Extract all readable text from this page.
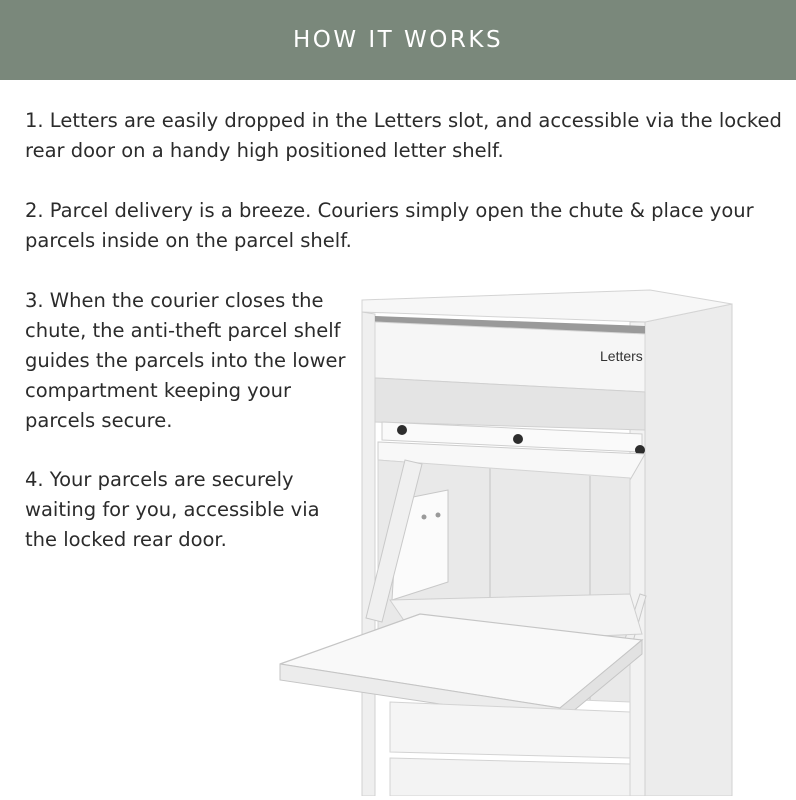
HOW IT WORKS

1. Letters are easily dropped in the Letters slot, and accessible via the locked rear door on a handy high positioned letter shelf.

2. Parcel delivery is a breeze. Couriers simply open the chute & place your parcels inside on the parcel shelf.

3. When the courier closes the chute, the anti-theft parcel shelf guides the parcels into the lower compartment keeping your parcels secure.

4. Your parcels are securely waiting for you, accessible via the locked rear door.

Letters
